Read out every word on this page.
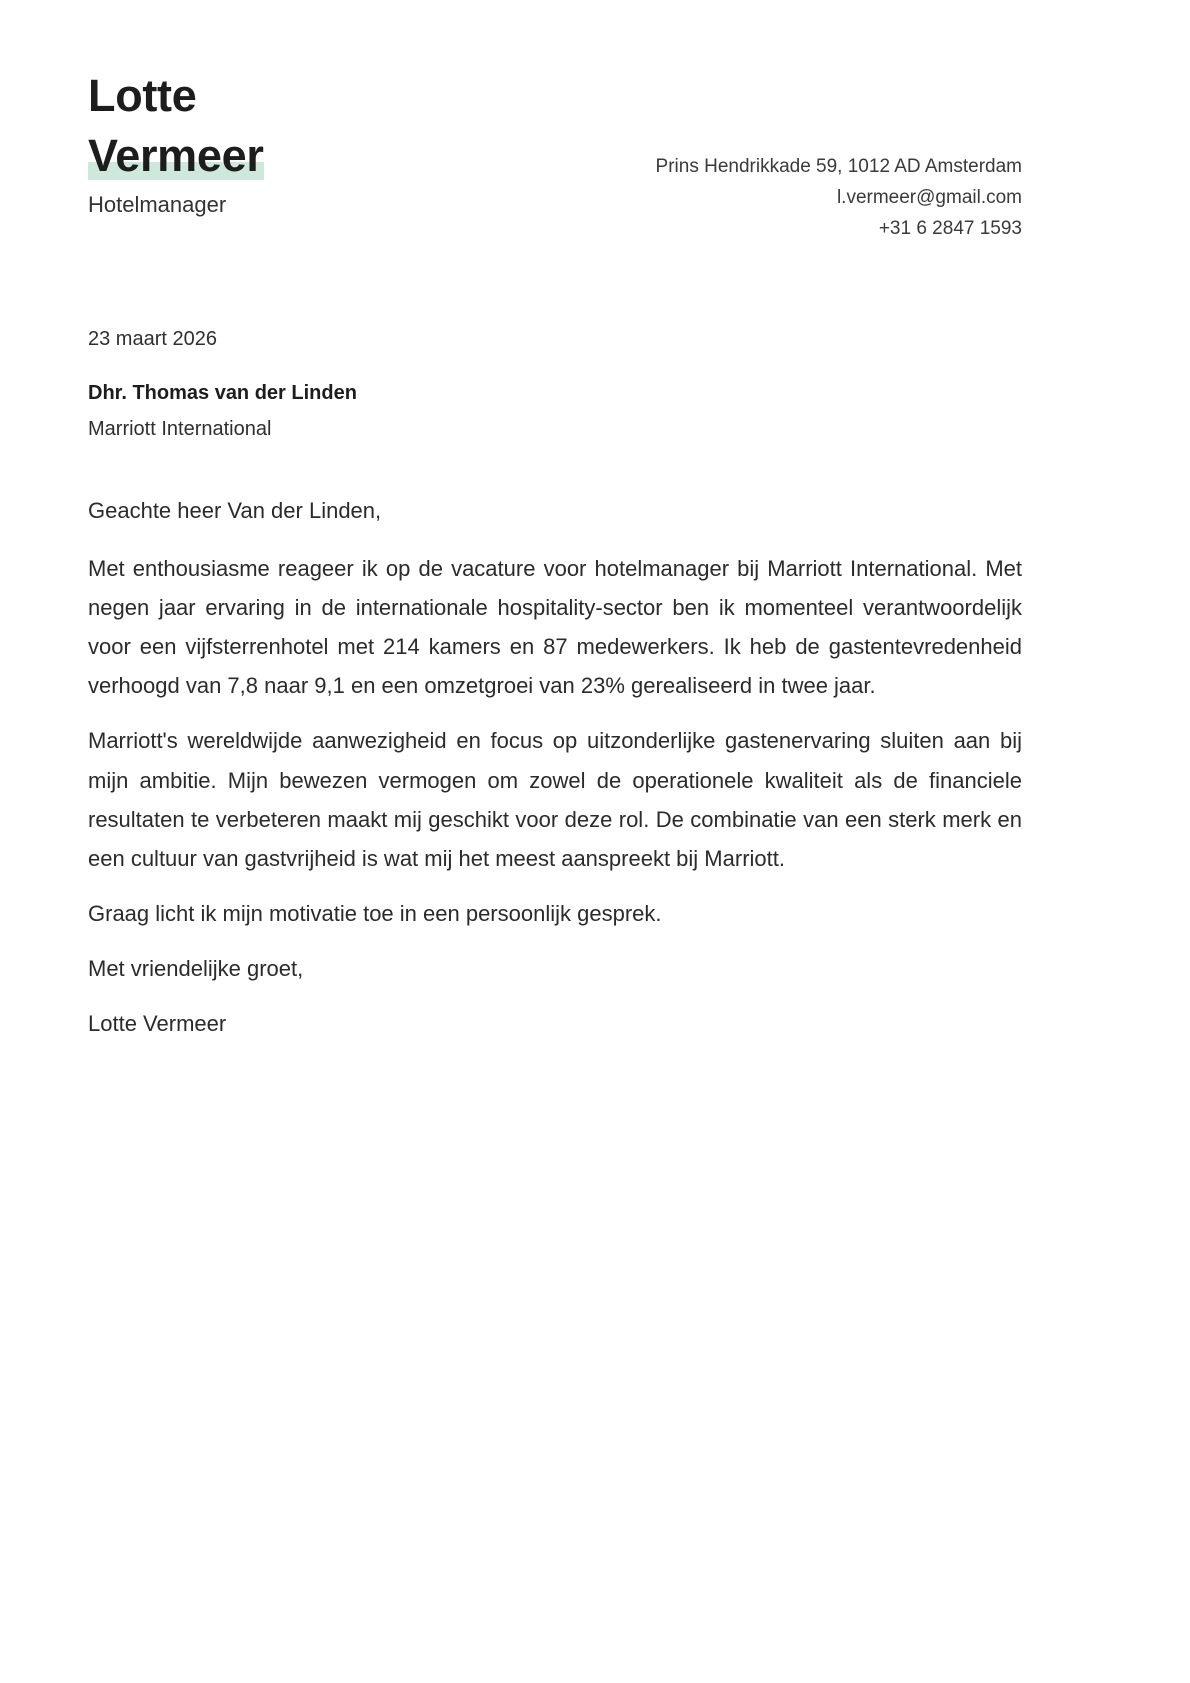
Lotte
Vermeer
Hotelmanager
Prins Hendrikkade 59, 1012 AD Amsterdam
l.vermeer@gmail.com
+31 6 2847 1593
23 maart 2026
Dhr. Thomas van der Linden
Marriott International
Geachte heer Van der Linden,

Met enthousiasme reageer ik op de vacature voor hotelmanager bij Marriott International. Met negen jaar ervaring in de internationale hospitality-sector ben ik momenteel verantwoordelijk voor een vijfsterrenhotel met 214 kamers en 87 medewerkers. Ik heb de gastentevredenheid verhoogd van 7,8 naar 9,1 en een omzetgroei van 23% gerealiseerd in twee jaar.

Marriott's wereldwijde aanwezigheid en focus op uitzonderlijke gastenervaring sluiten aan bij mijn ambitie. Mijn bewezen vermogen om zowel de operationele kwaliteit als de financiele resultaten te verbeteren maakt mij geschikt voor deze rol. De combinatie van een sterk merk en een cultuur van gastvrijheid is wat mij het meest aanspreekt bij Marriott.

Graag licht ik mijn motivatie toe in een persoonlijk gesprek.

Met vriendelijke groet,
Lotte Vermeer
